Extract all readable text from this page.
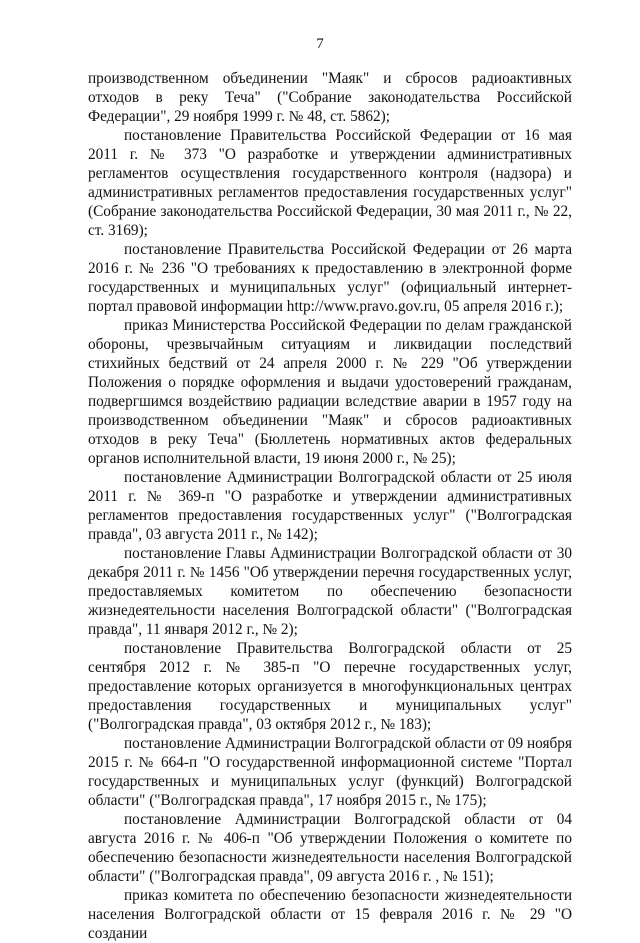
7

производственном объединении "Маяк" и сбросов радиоактивных отходов в реку Теча" ("Собрание законодательства Российской Федерации", 29 ноября 1999 г. № 48, ст. 5862);

постановление Правительства Российской Федерации от 16 мая 2011 г. № 373 "О разработке и утверждении административных регламентов осуществления государственного контроля (надзора) и административных регламентов предоставления государственных услуг" (Собрание законодательства Российской Федерации, 30 мая 2011 г., № 22, ст. 3169);

постановление Правительства Российской Федерации от 26 марта 2016 г. № 236 "О требованиях к предоставлению в электронной форме государственных и муниципальных услуг" (официальный интернет-портал правовой информации http://www.pravo.gov.ru, 05 апреля 2016 г.);

приказ Министерства Российской Федерации по делам гражданской обороны, чрезвычайным ситуациям и ликвидации последствий стихийных бедствий от 24 апреля 2000 г. № 229 "Об утверждении Положения о порядке оформления и выдачи удостоверений гражданам, подвергшимся воздействию радиации вследствие аварии в 1957 году на производственном объединении "Маяк" и сбросов радиоактивных отходов в реку Теча" (Бюллетень нормативных актов федеральных органов исполнительной власти, 19 июня 2000 г., № 25);

постановление Администрации Волгоградской области от 25 июля 2011 г. № 369-п "О разработке и утверждении административных регламентов предоставления государственных услуг" ("Волгоградская правда", 03 августа 2011 г., № 142);

постановление Главы Администрации Волгоградской области от 30 декабря 2011 г. № 1456 "Об утверждении перечня государственных услуг, предоставляемых комитетом по обеспечению безопасности жизнедеятельности населения Волгоградской области" ("Волгоградская правда", 11 января 2012 г., № 2);

постановление Правительства Волгоградской области от 25 сентября 2012 г. № 385-п "О перечне государственных услуг, предоставление которых организуется в многофункциональных центрах предоставления государственных и муниципальных услуг" ("Волгоградская правда", 03 октября 2012 г., № 183);

постановление Администрации Волгоградской области от 09 ноября 2015 г. № 664-п "О государственной информационной системе "Портал государственных и муниципальных услуг (функций) Волгоградской области" ("Волгоградская правда", 17 ноября 2015 г., № 175);

постановление Администрации Волгоградской области от 04 августа 2016 г. № 406-п "Об утверждении Положения о комитете по обеспечению безопасности жизнедеятельности населения Волгоградской области" ("Волгоградская правда", 09 августа 2016 г. , № 151);

приказ комитета по обеспечению безопасности жизнедеятельности населения Волгоградской области от 15 февраля 2016 г. № 29 "О создании
